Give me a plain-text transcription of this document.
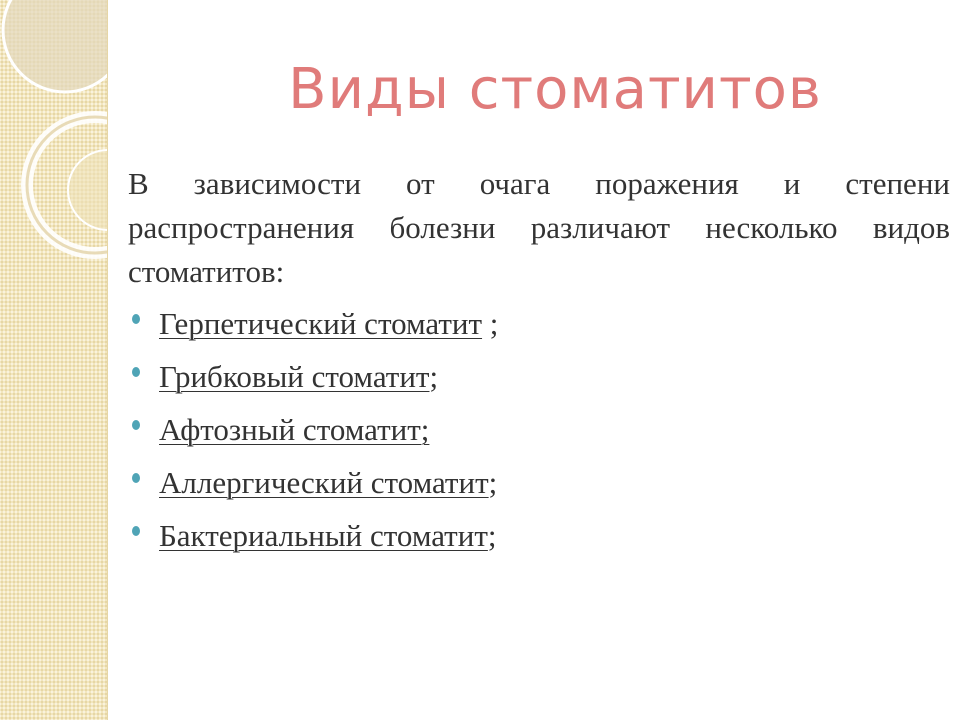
Виды стоматитов

В зависимости от очага поражения и степени распространения болезни различают несколько видов стоматитов:

Герпетический стоматит ;
Грибковый стоматит;
Афтозный стоматит;
Аллергический стоматит;
Бактериальный стоматит;
